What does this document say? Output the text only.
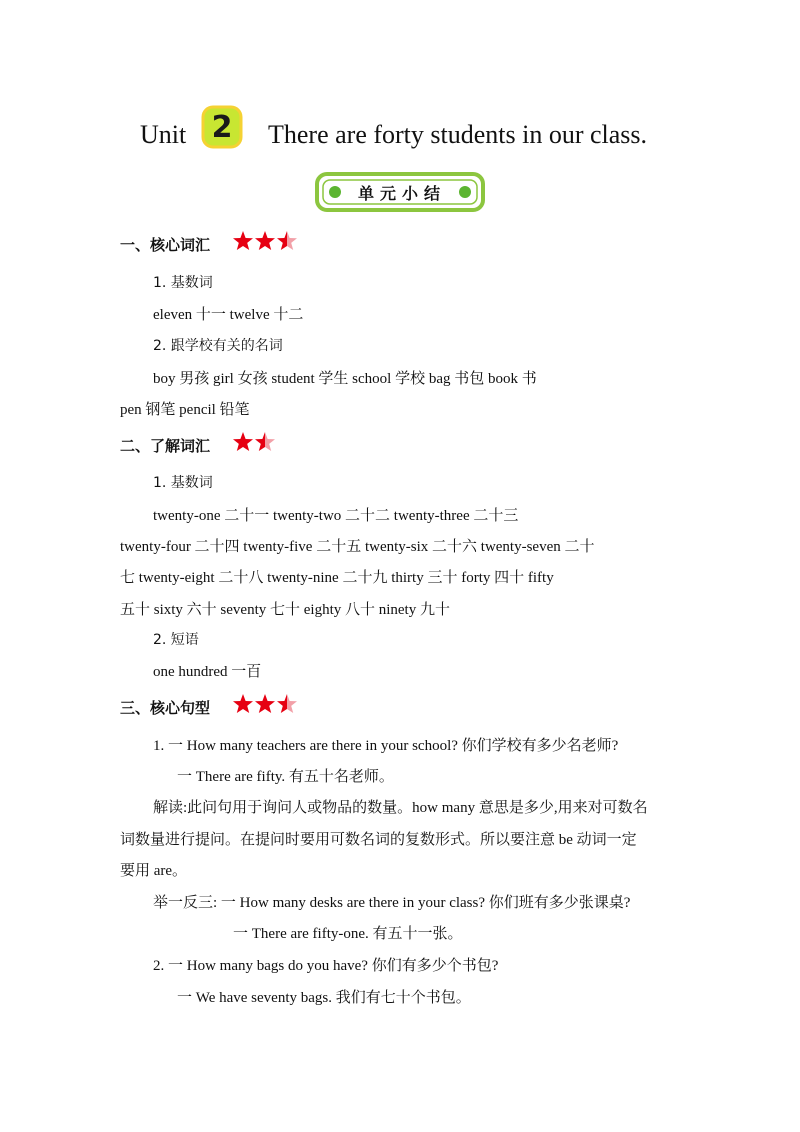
Unit	There are forty students in our class.
2
单元小结
一、核心词汇
1. 基数词
eleven 十一 twelve 十二
2. 跟学校有关的名词
boy 男孩 girl 女孩 student 学生 school 学校 bag 书包 book 书
pen 钢笔 pencil 铅笔
二、了解词汇
1. 基数词
twenty-one 二十一 twenty-two 二十二 twenty-three 二十三
twenty-four 二十四 twenty-five 二十五 twenty-six 二十六 twenty-seven 二十
七 twenty-eight 二十八 twenty-nine 二十九 thirty 三十 forty 四十 fifty
五十 sixty 六十 seventy 七十 eighty 八十 ninety 九十
2. 短语
one hundred 一百
三、核心句型
1. 一 How many teachers are there in your school? 你们学校有多少名老师?
一 There are fifty. 有五十名老师。
解读:此问句用于询问人或物品的数量。how many 意思是多少,用来对可数名
词数量进行提问。在提问时要用可数名词的复数形式。所以要注意 be 动词一定
要用 are。
举一反三: 一 How many desks are there in your class? 你们班有多少张课桌?
一 There are fifty-one. 有五十一张。
2. 一 How many bags do you have? 你们有多少个书包?
一 We have seventy bags. 我们有七十个书包。
